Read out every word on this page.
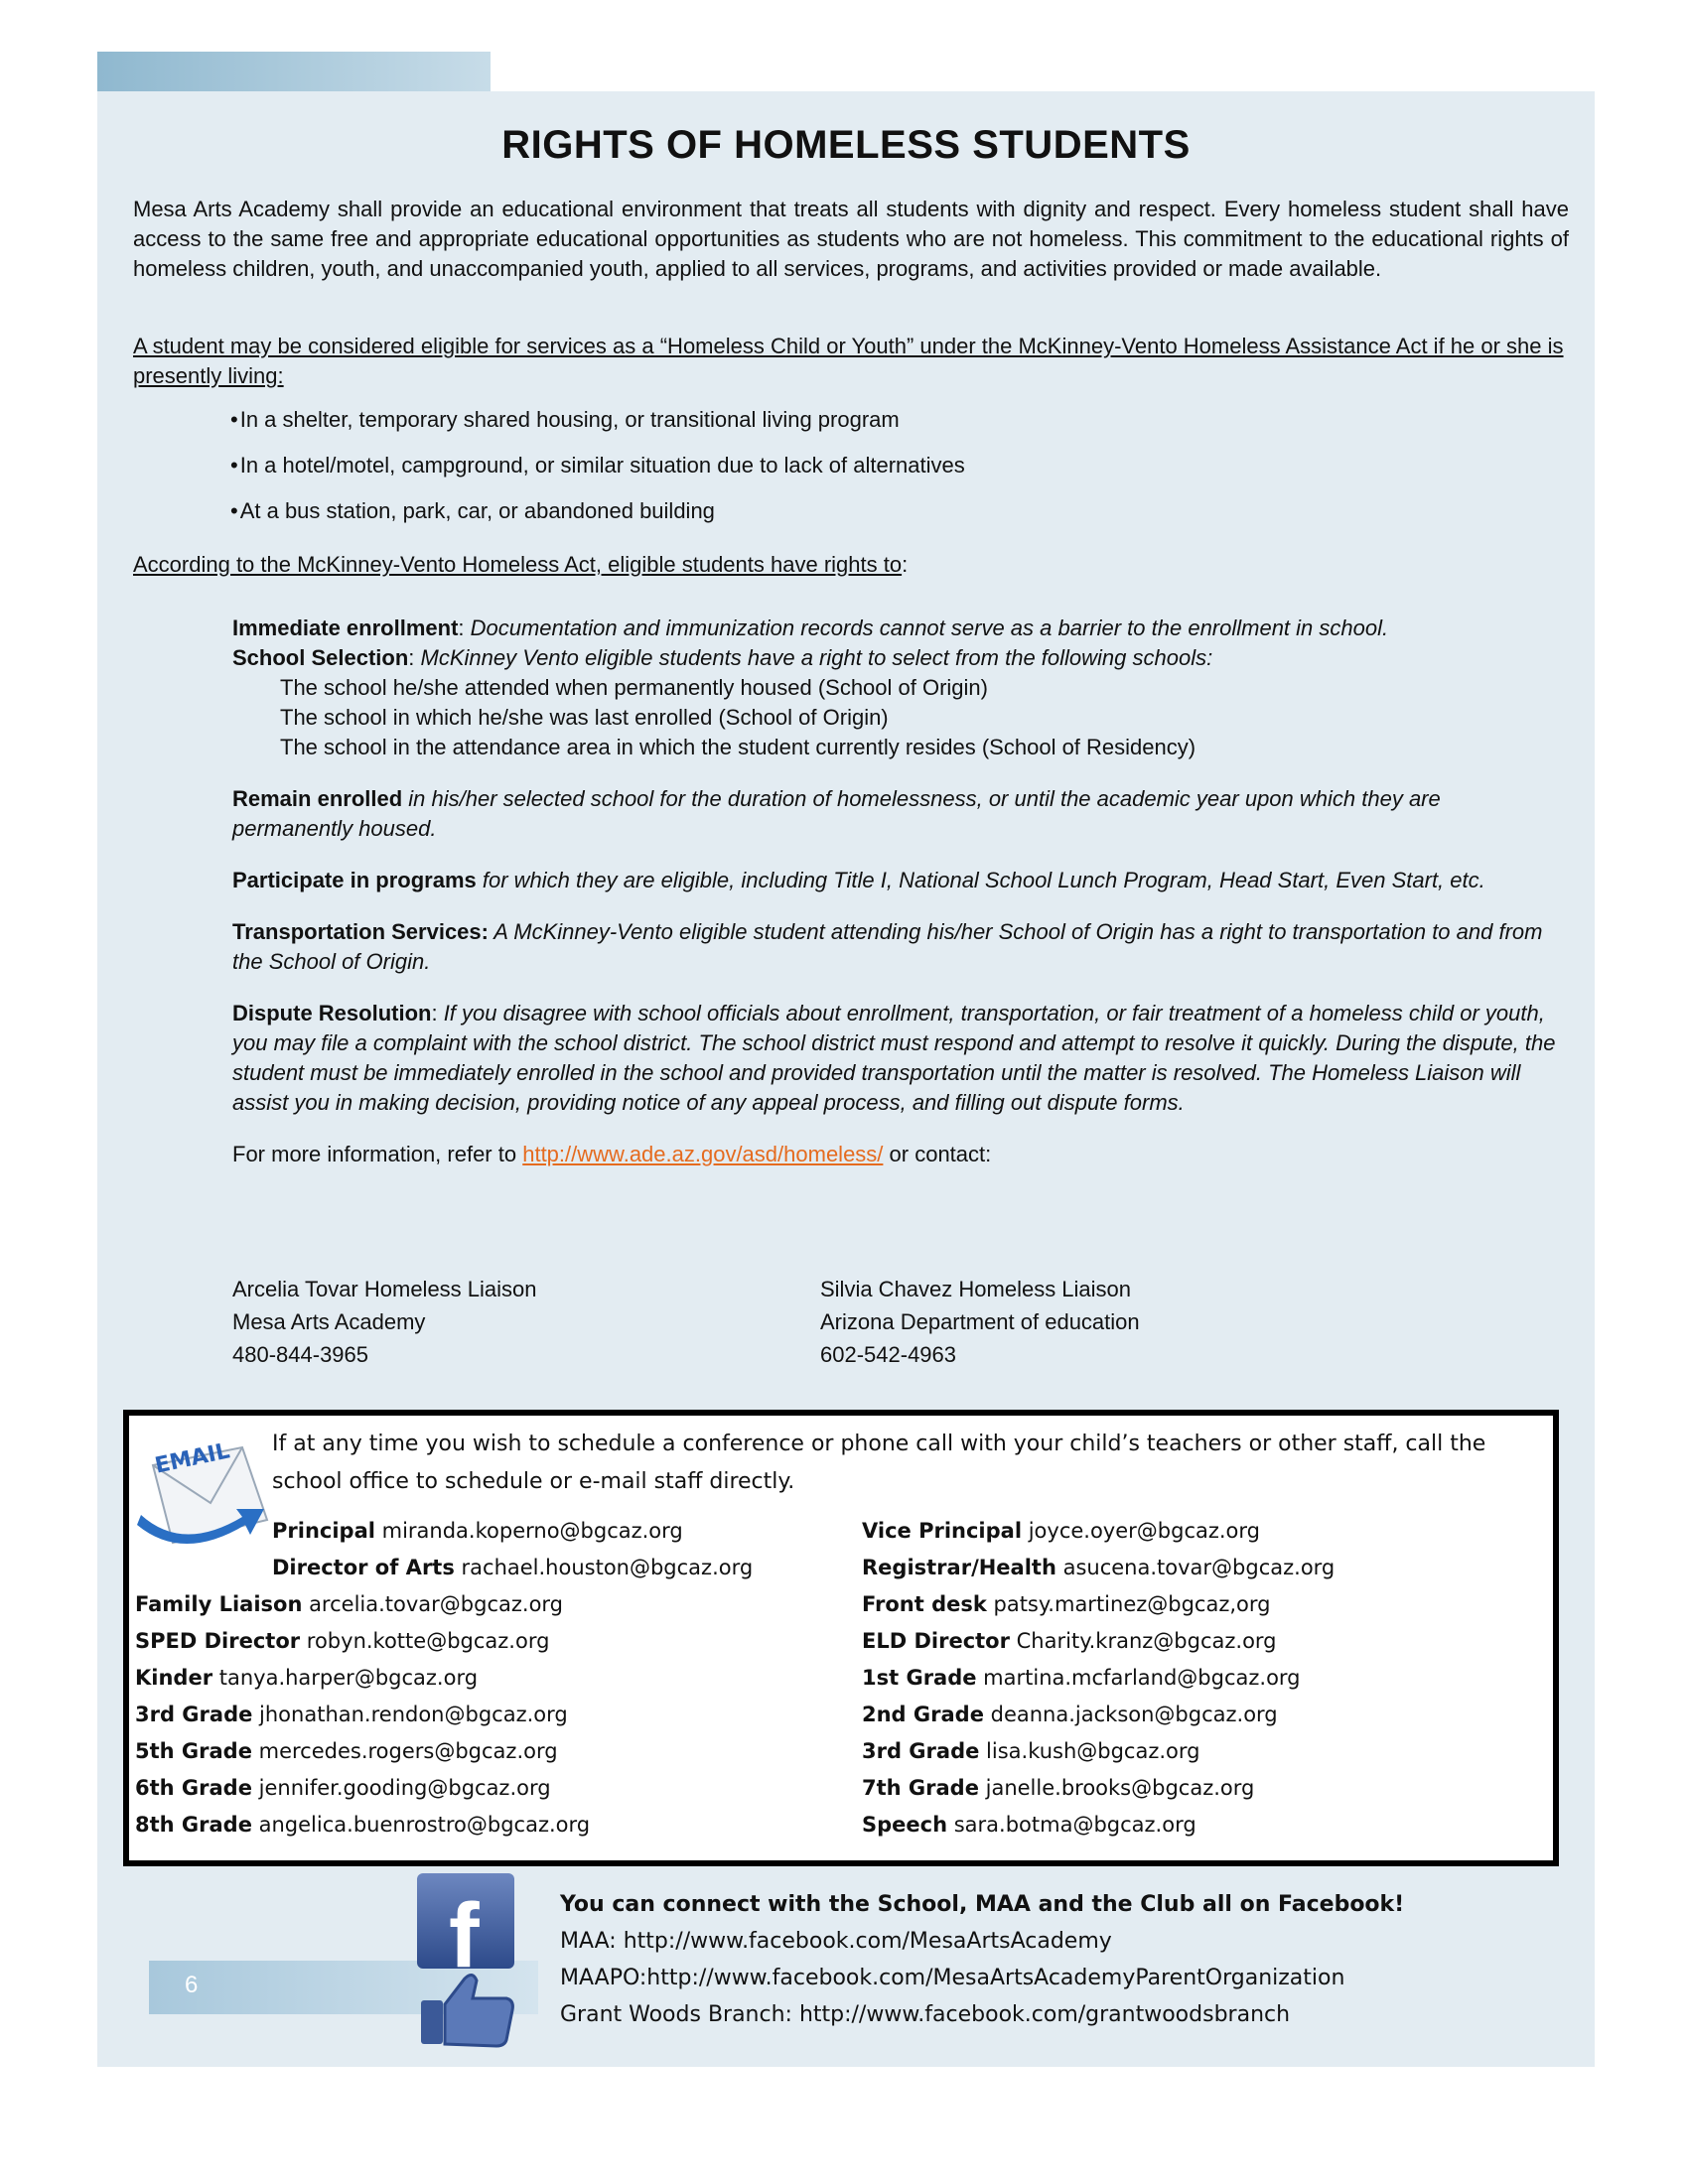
RIGHTS OF HOMELESS STUDENTS
Mesa Arts Academy shall provide an educational environment that treats all students with dignity and respect. Every homeless student shall have access to the same free and appropriate educational opportunities as students who are not homeless. This commitment to the educational rights of homeless children, youth, and unaccompanied youth, applied to all services, programs, and activities provided or made available.
A student may be considered eligible for services as a “Homeless Child or Youth” under the McKinney-Vento Homeless Assistance Act if he or she is presently living:
•In a shelter, temporary shared housing, or transitional living program
•In a hotel/motel, campground, or similar situation due to lack of alternatives
•At a bus station, park, car, or abandoned building
According to the McKinney-Vento Homeless Act, eligible students have rights to:

Immediate enrollment: Documentation and immunization records cannot serve as a barrier to the enrollment in school.

School Selection: McKinney Vento eligible students have a right to select from the following schools:

The school he/she attended when permanently housed (School of Origin)
The school in which he/she was last enrolled (School of Origin)
The school in the attendance area in which the student currently resides (School of Residency)

Remain enrolled in his/her selected school for the duration of homelessness, or until the academic year upon which they are permanently housed.

Participate in programs for which they are eligible, including Title I, National School Lunch Program, Head Start, Even Start, etc.

Transportation Services: A McKinney-Vento eligible student attending his/her School of Origin has a right to transportation to and from the School of Origin.

Dispute Resolution: If you disagree with school officials about enrollment, transportation, or fair treatment of a homeless child or youth, you may file a complaint with the school district. The school district must respond and attempt to resolve it quickly. During the dispute, the student must be immediately enrolled in the school and provided transportation until the matter is resolved. The Homeless Liaison will assist you in making decision, providing notice of any appeal process, and filling out dispute forms.

For more information, refer to http://www.ade.az.gov/asd/homeless/ or contact:

Arcelia Tovar Homeless Liaison
Mesa Arts Academy
480-844-3965
Silvia Chavez Homeless Liaison
Arizona Department of education
602-542-4963
EMAIL If at any time you wish to schedule a conference or phone call with your child’s teachers or other staff, call the school office to schedule or e-mail staff directly.
Principal miranda.koperno@bgcaz.org
Director of Arts rachael.houston@bgcaz.org
Family Liaison arcelia.tovar@bgcaz.org
SPED Director robyn.kotte@bgcaz.org
Kinder tanya.harper@bgcaz.org
3rd Grade jhonathan.rendon@bgcaz.org
5th Grade mercedes.rogers@bgcaz.org
6th Grade jennifer.gooding@bgcaz.org
8th Grade angelica.buenrostro@bgcaz.org
Vice Principal joyce.oyer@bgcaz.org
Registrar/Health asucena.tovar@bgcaz.org
Front desk patsy.martinez@bgcaz,org
ELD Director Charity.kranz@bgcaz.org
1st Grade martina.mcfarland@bgcaz.org
2nd Grade deanna.jackson@bgcaz.org
3rd Grade lisa.kush@bgcaz.org
7th Grade janelle.brooks@bgcaz.org
Speech sara.botma@bgcaz.org
6	f	You can connect with the School, MAA and the Club all on Facebook!
MAA: http://www.facebook.com/MesaArtsAcademy
MAAPO:http://www.facebook.com/MesaArtsAcademyParentOrganization
Grant Woods Branch: http://www.facebook.com/grantwoodsbranch
